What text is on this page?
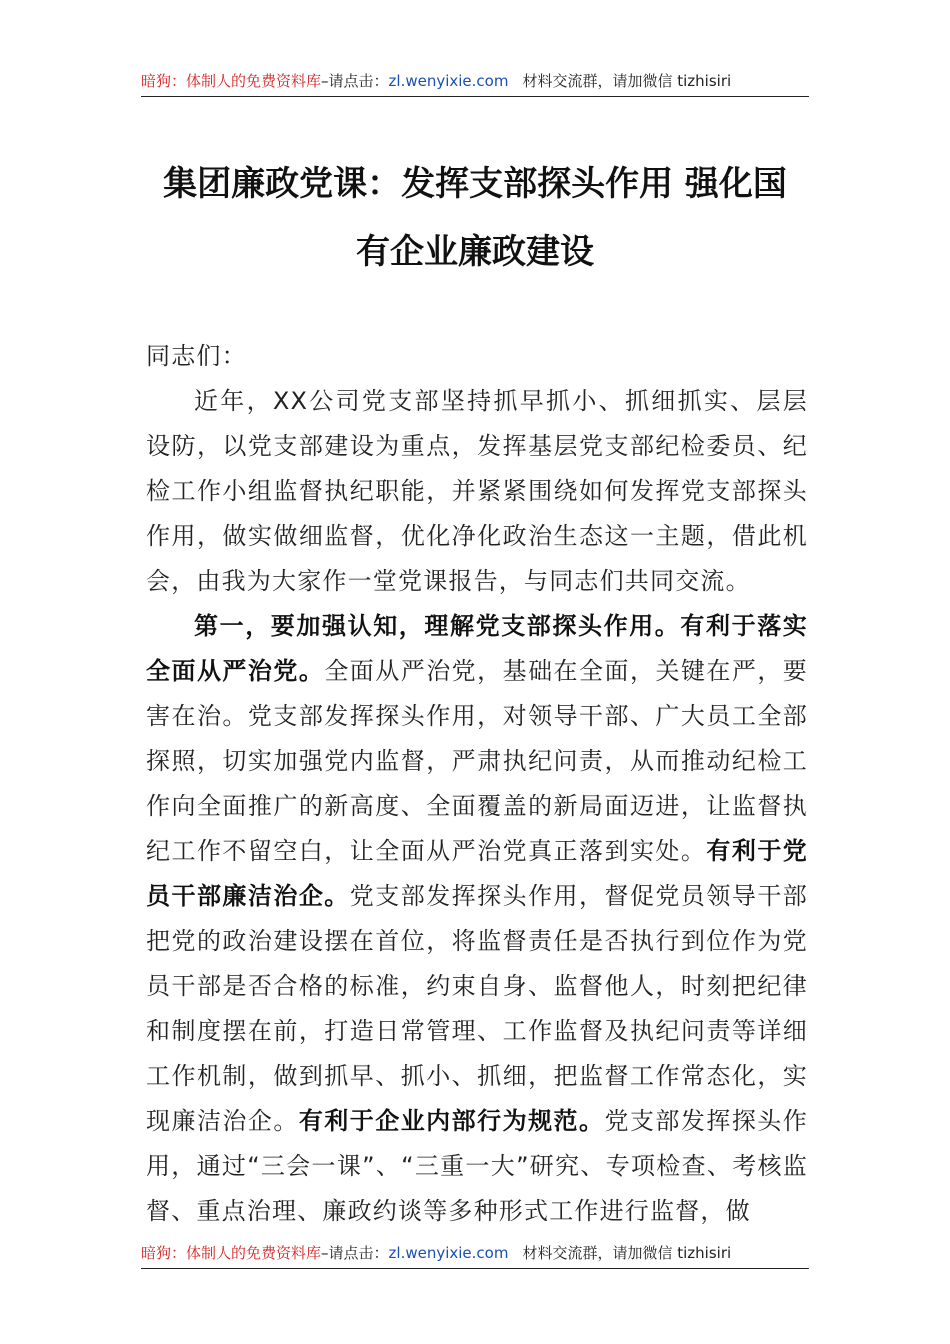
暗狗：体制人的免费资料库–请点击：zl.wenyixie.com 材料交流群，请加微信 tizhisiri
集团廉政党课：发挥支部探头作用 强化国
有企业廉政建设

同志们：

近年，XX公司党支部坚持抓早抓小、抓细抓实、层层设防，以党支部建设为重点，发挥基层党支部纪检委员、纪检工作小组监督执纪职能，并紧紧围绕如何发挥党支部探头作用，做实做细监督，优化净化政治生态这一主题，借此机会，由我为大家作一堂党课报告，与同志们共同交流。

第一，要加强认知，理解党支部探头作用。有利于落实全面从严治党。全面从严治党，基础在全面，关键在严，要害在治。党支部发挥探头作用，对领导干部、广大员工全部探照，切实加强党内监督，严肃执纪问责，从而推动纪检工作向全面推广的新高度、全面覆盖的新局面迈进，让监督执纪工作不留空白，让全面从严治党真正落到实处。有利于党员干部廉洁治企。党支部发挥探头作用，督促党员领导干部把党的政治建设摆在首位，将监督责任是否执行到位作为党员干部是否合格的标准，约束自身、监督他人，时刻把纪律和制度摆在前，打造日常管理、工作监督及执纪问责等详细工作机制，做到抓早、抓小、抓细，把监督工作常态化，实现廉洁治企。有利于企业内部行为规范。党支部发挥探头作用，通过“三会一课”、“三重一大”研究、专项检查、考核监督、重点治理、廉政约谈等多种形式工作进行监督，做

暗狗：体制人的免费资料库–请点击：zl.wenyixie.com 材料交流群，请加微信 tizhisiri
